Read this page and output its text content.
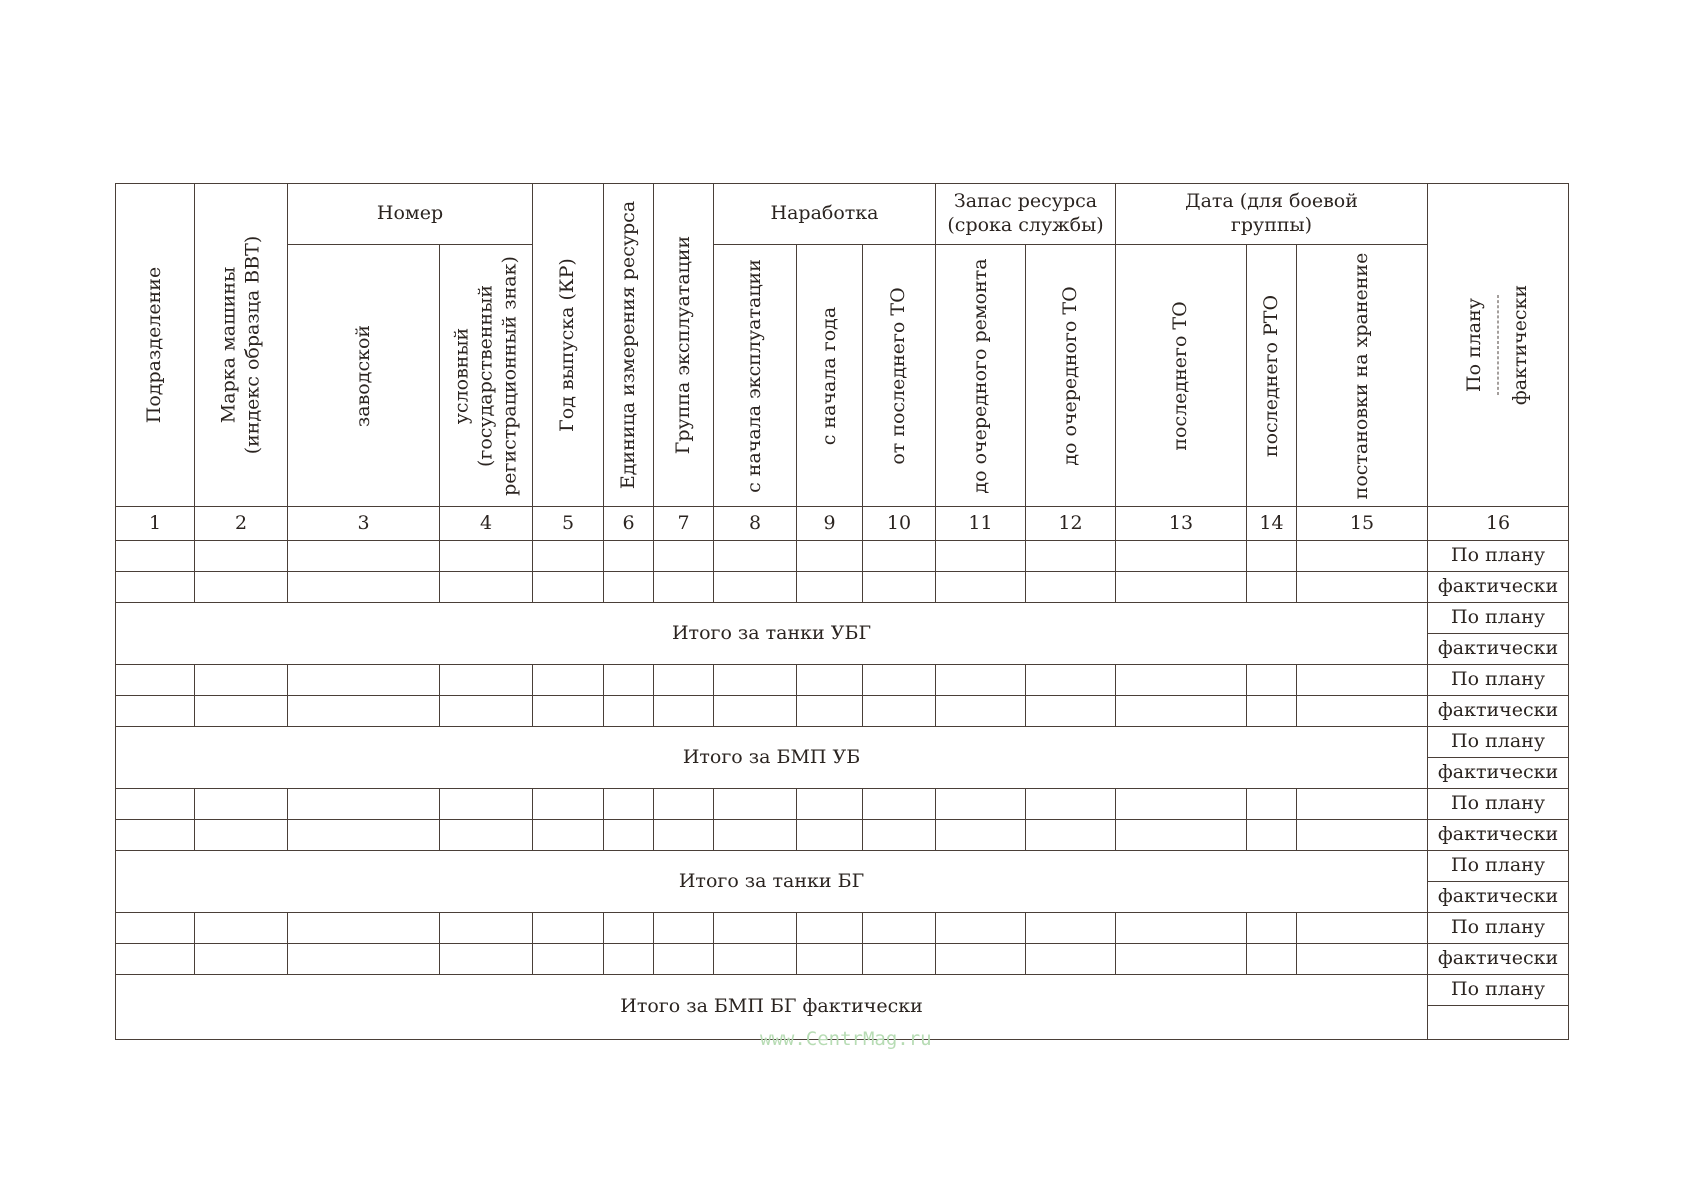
Подразделение	Марка машины (индекс образца ВВТ)	Номер		Год выпуска (КР)	Единица измерения ресурса	Группа эксплуатации	Наработка			Запас ресурса (срока службы)		Дата (для боевой группы)			По плану фактически

		заводской	условный (государственный регистрационный знак)				с начала эксплуатации	с начала года	от последнего ТО	до очередного ремонта	до очередного ТО	последнего ТО	последнего РТО	постановки на хранение	

1	2	3	4	5	6	7	8	9	10	11	12	13	14	15	16
															По плану
															фактически
Итого за танки УБГ															По плану
															фактически
															По плану
															фактически
Итого за БМП УБ															По плану
															фактически
															По плану
															фактически
Итого за танки БГ															По плану
															фактически
															По плану
															фактически
Итого за БМП БГ фактически															По плану

www.CentrMag.ru
